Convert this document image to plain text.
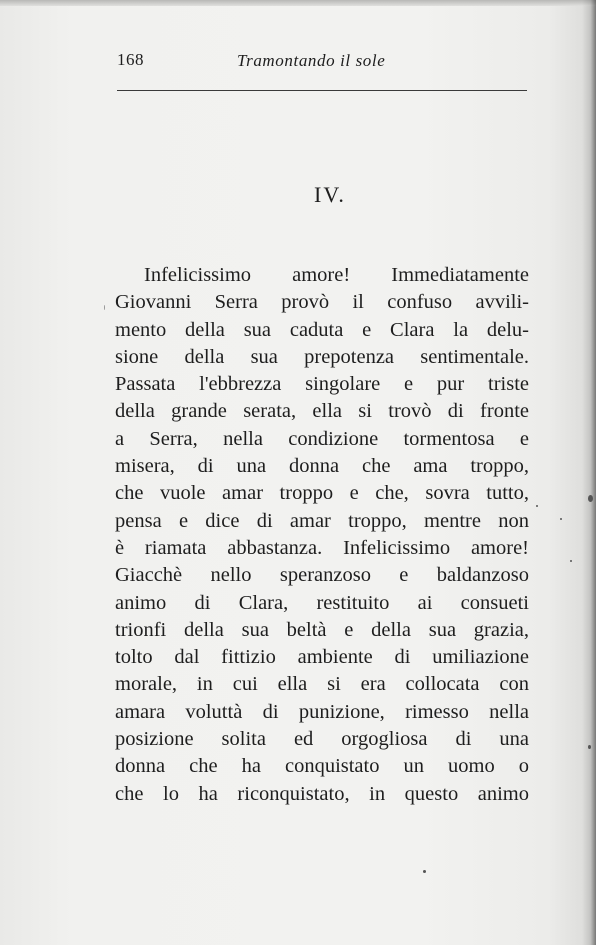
168	Tramontando il sole
IV.
Infelicissimo amore! Immediatamente
Giovanni Serra provò il confuso avvili-
mento della sua caduta e Clara la delu-
sione della sua prepotenza sentimentale.
Passata l'ebbrezza singolare e pur triste
della grande serata, ella si trovò di fronte
a Serra, nella condizione tormentosa e
misera, di una donna che ama troppo,
che vuole amar troppo e che, sovra tutto,
pensa e dice di amar troppo, mentre non
è riamata abbastanza. Infelicissimo amore!
Giacchè nello speranzoso e baldanzoso
animo di Clara, restituito ai consueti
trionfi della sua beltà e della sua grazia,
tolto dal fittizio ambiente di umiliazione
morale, in cui ella si era collocata con
amara voluttà di punizione, rimesso nella
posizione solita ed orgogliosa di una
donna che ha conquistato un uomo o
che lo ha riconquistato, in questo animo
